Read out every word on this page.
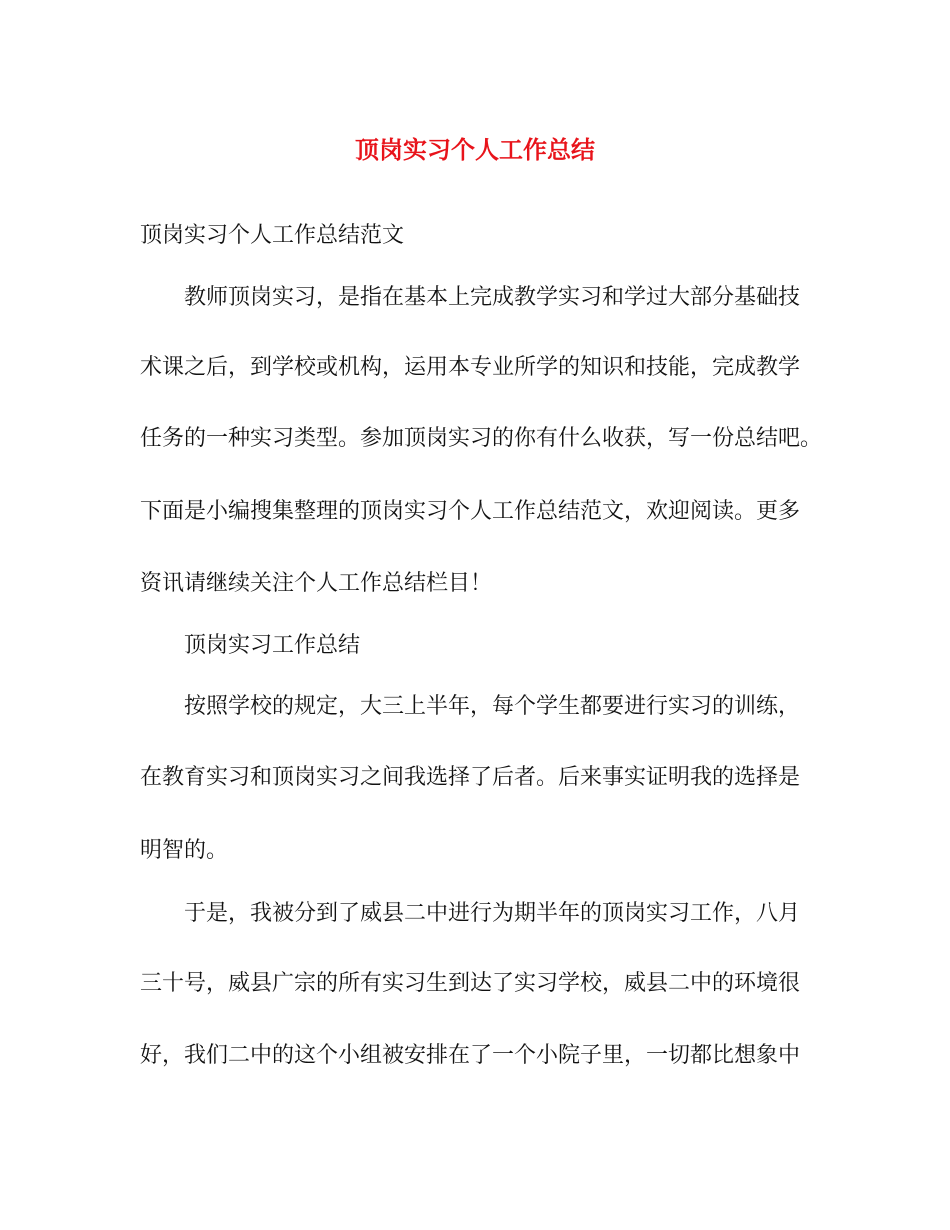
顶岗实习个人工作总结
顶岗实习个人工作总结范文
教师顶岗实习，是指在基本上完成教学实习和学过大部分基础技
术课之后，到学校或机构，运用本专业所学的知识和技能，完成教学
任务的一种实习类型。参加顶岗实习的你有什么收获，写一份总结吧。
下面是小编搜集整理的顶岗实习个人工作总结范文，欢迎阅读。更多
资讯请继续关注个人工作总结栏目！
顶岗实习工作总结
按照学校的规定，大三上半年，每个学生都要进行实习的训练，
在教育实习和顶岗实习之间我选择了后者。后来事实证明我的选择是
明智的。
于是，我被分到了威县二中进行为期半年的顶岗实习工作，八月
三十号，威县广宗的所有实习生到达了实习学校，威县二中的环境很
好，我们二中的这个小组被安排在了一个小院子里，一切都比想象中
